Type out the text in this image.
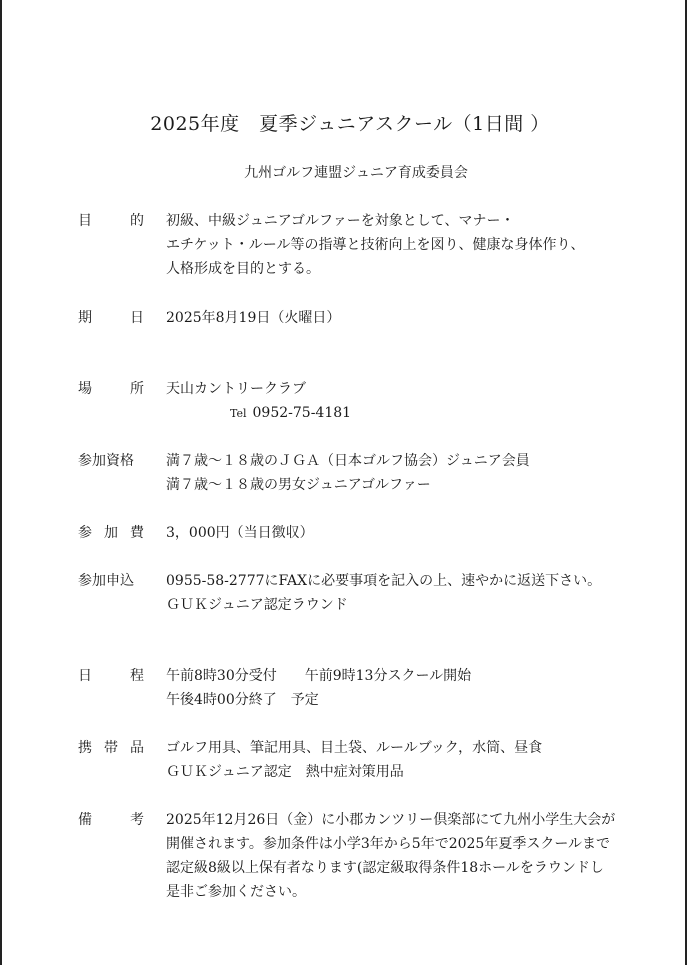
2025年度　夏季ジュニアスクール（1日間 ）
九州ゴルフ連盟ジュニア育成委員会
目	的 初級、中級ジュニアゴルファーを対象として、マナー・
エチケット・ルール等の指導と技術向上を図り、健康な身体作り、
人格形成を目的とする。
期	日 2025年8月19日（火曜日）
場	所 天山カントリークラブ
Tel 0952-75-4181
参加資格 満７歳～１８歳のＪＧＡ（日本ゴルフ協会）ジュニア会員
満７歳～１８歳の男女ジュニアゴルファー
参 加 費 3，000円（当日徴収）
参加申込 0955-58-2777にFAXに必要事項を記入の上、速やかに返送下さい。
ＧＵＫジュニア認定ラウンド
日	程 午前8時30分受付　　午前9時13分スクール開始
午後4時00分終了　予定
携 帯 品 ゴルフ用具、筆記用具、目土袋、ルールブック，水筒、昼食
ＧＵＫジュニア認定　熱中症対策用品
備	考 2025年12月26日（金）に小郡カンツリー倶楽部にて九州小学生大会が
開催されます。参加条件は小学3年から5年で2025年夏季スクールまで
認定級8級以上保有者なります(認定級取得条件18ホールをラウンドし
是非ご参加ください。
